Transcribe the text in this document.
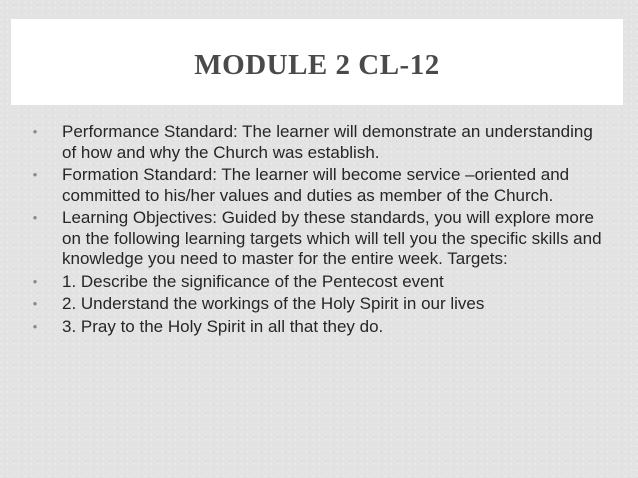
MODULE 2 CL-12
• Performance Standard: The learner will demonstrate an understanding of how and why the Church was establish.
• Formation Standard: The learner will become service –oriented and committed to his/her values and duties as member of the Church.
• Learning Objectives: Guided by these standards, you will explore more on the following learning targets which will tell you the specific skills and knowledge you need to master for the entire week. Targets:
• 1. Describe the significance of the Pentecost event
• 2. Understand the workings of the Holy Spirit in our lives
• 3. Pray to the Holy Spirit in all that they do.
